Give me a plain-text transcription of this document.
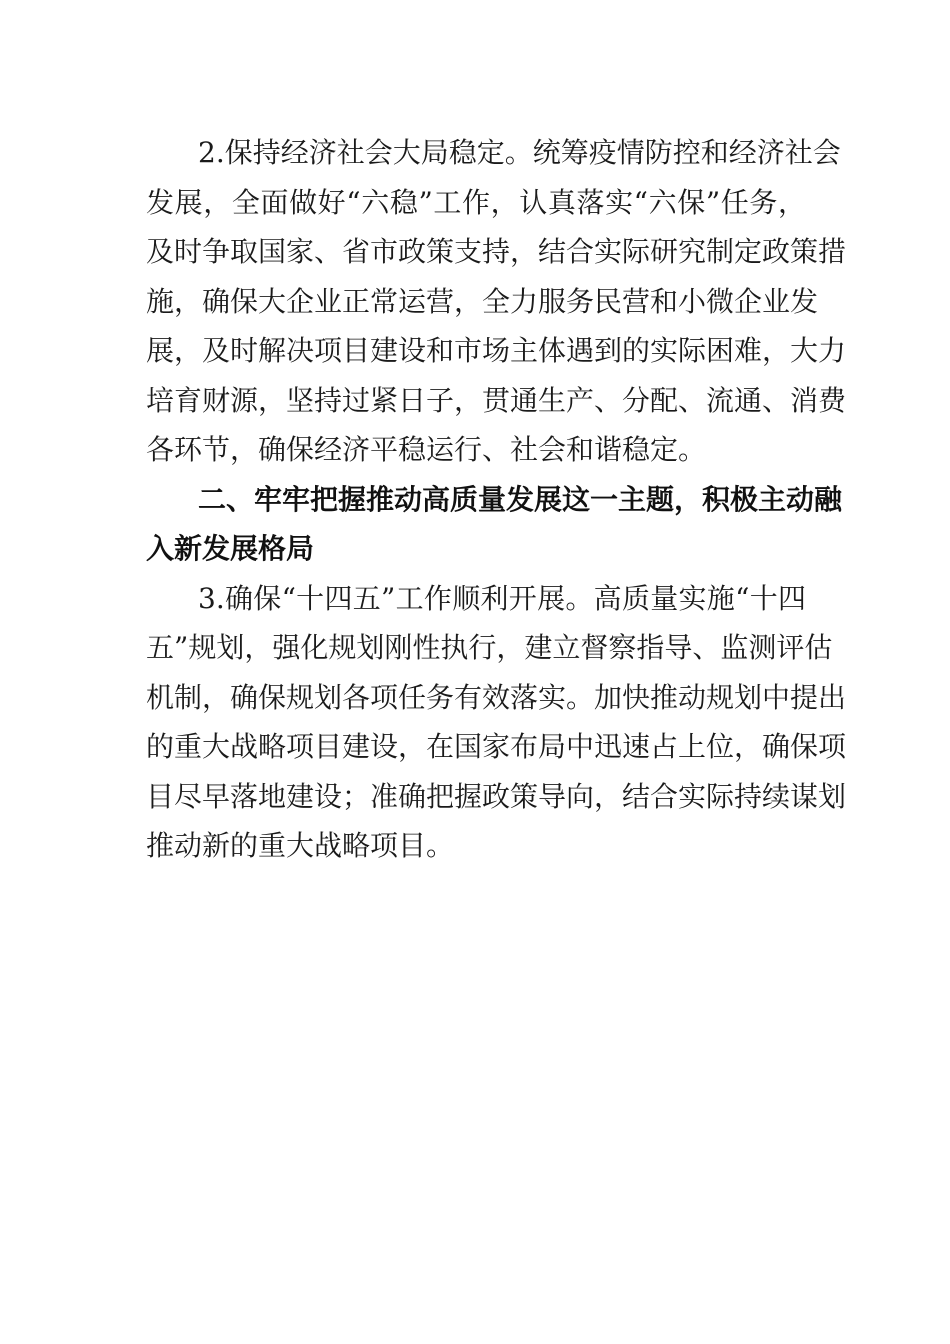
2.保持经济社会大局稳定。统筹疫情防控和经济社会
发展，全面做好“六稳”工作，认真落实“六保”任务，
及时争取国家、省市政策支持，结合实际研究制定政策措
施，确保大企业正常运营，全力服务民营和小微企业发
展，及时解决项目建设和市场主体遇到的实际困难，大力
培育财源，坚持过紧日子，贯通生产、分配、流通、消费
各环节，确保经济平稳运行、社会和谐稳定。
二、牢牢把握推动高质量发展这一主题，积极主动融
入新发展格局
3.确保“十四五”工作顺利开展。高质量实施“十四
五”规划，强化规划刚性执行，建立督察指导、监测评估
机制，确保规划各项任务有效落实。加快推动规划中提出
的重大战略项目建设，在国家布局中迅速占上位，确保项
目尽早落地建设；准确把握政策导向，结合实际持续谋划
推动新的重大战略项目。
